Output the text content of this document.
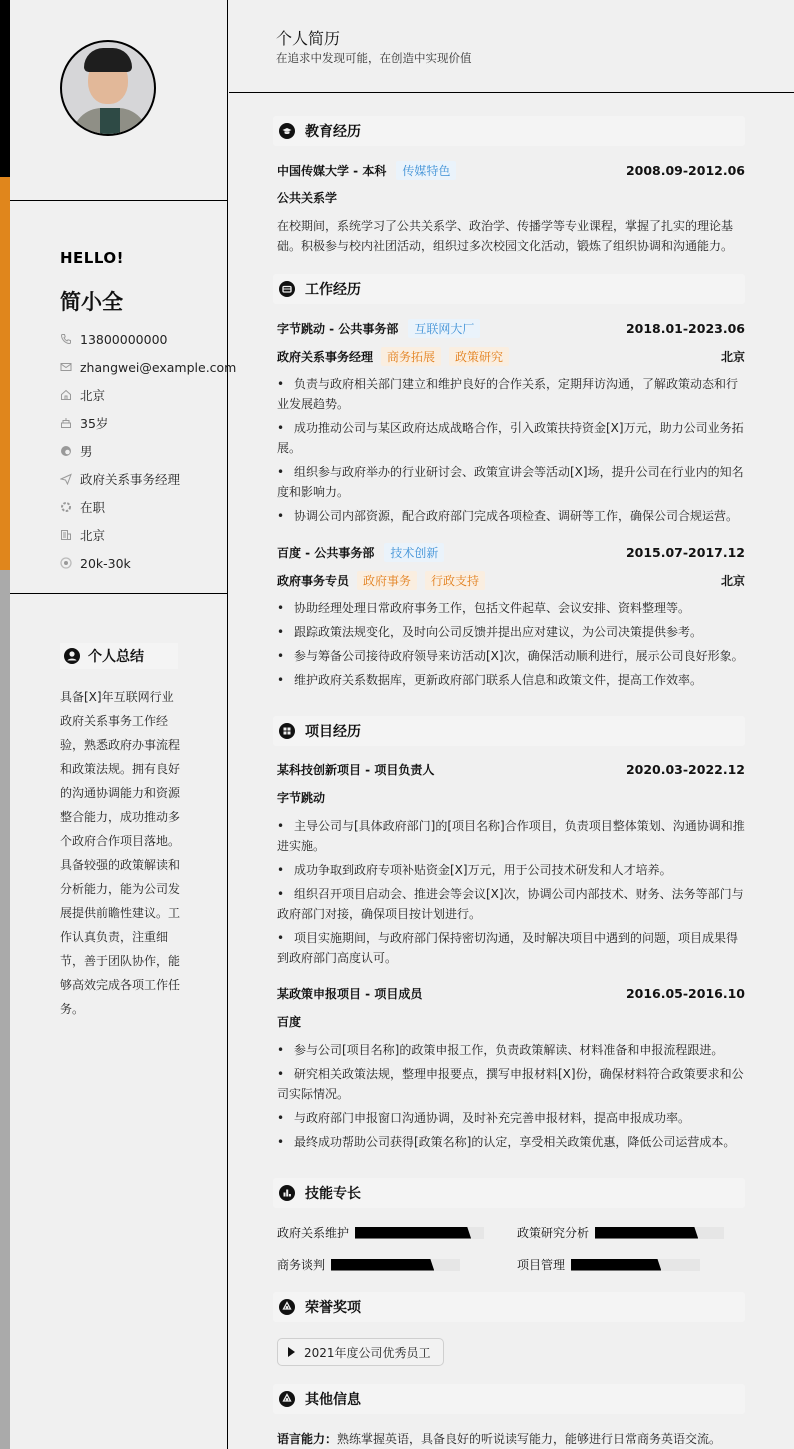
HELLO!
简小全
13800000000
zhangwei@example.com
北京
35岁
男
政府关系事务经理
在职
北京
20k-30k
个人总结
具备[X]年互联网行业政府关系事务工作经验，熟悉政府办事流程和政策法规。拥有良好的沟通协调能力和资源整合能力，成功推动多个政府合作项目落地。具备较强的政策解读和分析能力，能为公司发展提供前瞻性建议。工作认真负责，注重细节，善于团队协作，能够高效完成各项工作任务。
个人简历
在追求中发现可能，在创造中实现价值
教育经历
中国传媒大学 - 本科	传媒特色	2008.09-2012.06
公共关系学
在校期间，系统学习了公共关系学、政治学、传播学等专业课程，掌握了扎实的理论基础。积极参与校内社团活动，组织过多次校园文化活动，锻炼了组织协调和沟通能力。
工作经历
字节跳动 - 公共事务部	互联网大厂	2018.01-2023.06
政府关系事务经理	商务拓展	政策研究	北京
• 负责与政府相关部门建立和维护良好的合作关系，定期拜访沟通，了解政策动态和行业发展趋势。
• 成功推动公司与某区政府达成战略合作，引入政策扶持资金[X]万元，助力公司业务拓展。
• 组织参与政府举办的行业研讨会、政策宣讲会等活动[X]场，提升公司在行业内的知名度和影响力。
• 协调公司内部资源，配合政府部门完成各项检查、调研等工作，确保公司合规运营。
百度 - 公共事务部	技术创新	2015.07-2017.12
政府事务专员	政府事务	行政支持	北京
• 协助经理处理日常政府事务工作，包括文件起草、会议安排、资料整理等。
• 跟踪政策法规变化，及时向公司反馈并提出应对建议，为公司决策提供参考。
• 参与筹备公司接待政府领导来访活动[X]次，确保活动顺利进行，展示公司良好形象。
• 维护政府关系数据库，更新政府部门联系人信息和政策文件，提高工作效率。
项目经历
某科技创新项目 - 项目负责人	2020.03-2022.12
字节跳动
• 主导公司与[具体政府部门]的[项目名称]合作项目，负责项目整体策划、沟通协调和推进实施。
• 成功争取到政府专项补贴资金[X]万元，用于公司技术研发和人才培养。
• 组织召开项目启动会、推进会等会议[X]次，协调公司内部技术、财务、法务等部门与政府部门对接，确保项目按计划进行。
• 项目实施期间，与政府部门保持密切沟通，及时解决项目中遇到的问题，项目成果得到政府部门高度认可。
某政策申报项目 - 项目成员	2016.05-2016.10
百度
• 参与公司[项目名称]的政策申报工作，负责政策解读、材料准备和申报流程跟进。
• 研究相关政策法规，整理申报要点，撰写申报材料[X]份，确保材料符合政策要求和公司实际情况。
• 与政府部门申报窗口沟通协调，及时补充完善申报材料，提高申报成功率。
• 最终成功帮助公司获得[政策名称]的认定，享受相关政策优惠，降低公司运营成本。
技能专长
政府关系维护	政策研究分析
商务谈判	项目管理
荣誉奖项
2021年度公司优秀员工
其他信息
语言能力：熟练掌握英语，具备良好的听说读写能力，能够进行日常商务英语交流。
